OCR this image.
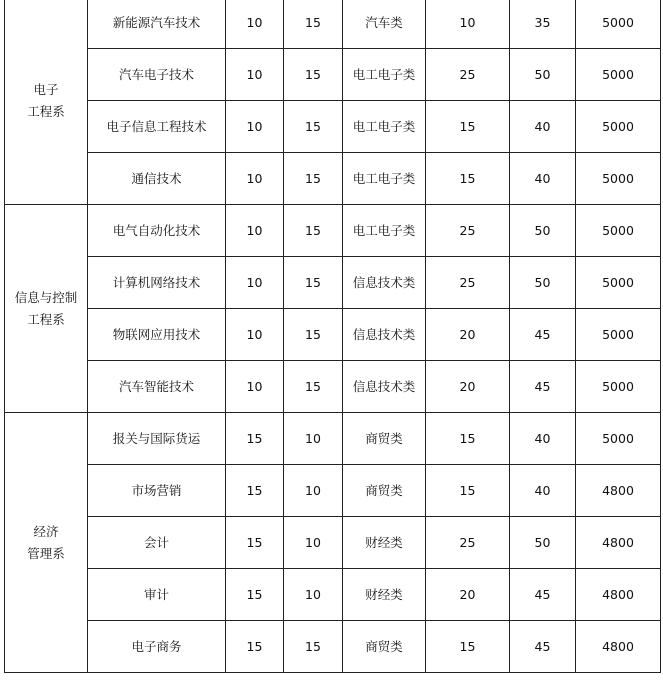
电子
工程系	新能源汽车技术	10	15	汽车类	10	35	5000
	汽车电子技术	10	15	电工电子类	25	50	5000
	电子信息工程技术	10	15	电工电子类	15	40	5000
	通信技术	10	15	电工电子类	15	40	5000

信息与控制
工程系	电气自动化技术	10	15	电工电子类	25	50	5000
	计算机网络技术	10	15	信息技术类	25	50	5000
	物联网应用技术	10	15	信息技术类	20	45	5000
	汽车智能技术	10	15	信息技术类	20	45	5000

经济
管理系	报关与国际货运	15	10	商贸类	15	40	5000
	市场营销	15	10	商贸类	15	40	4800
	会计	15	10	财经类	25	50	4800
	审计	15	10	财经类	20	45	4800
	电子商务	15	15	商贸类	15	45	4800
